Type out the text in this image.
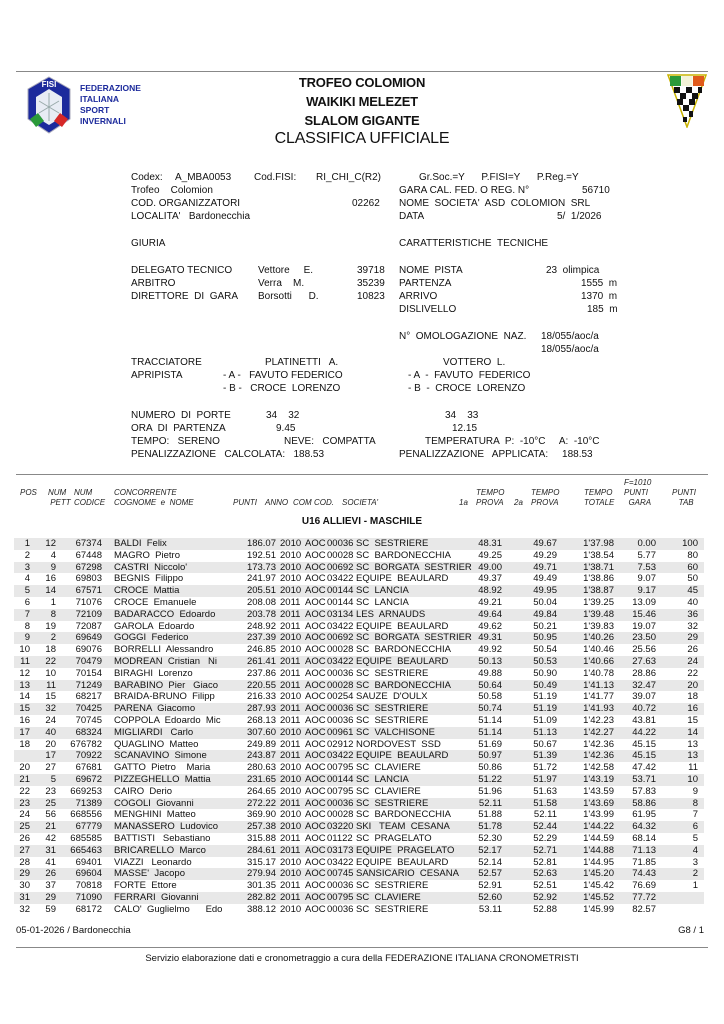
FISI	FEDERAZIONE
ITALIANA
SPORT
INVERNALI
TROFEO COLOMION
WAIKIKI MELEZET
SLALOM GIGANTE
CLASSIFICA UFFICIALE
Codex: A_MBA0053 Cod.FISI: RI_CHI_C(R2)	Gr.Soc.=Y      P.FISI=Y      P.Reg.=Y
Trofeo    Colomion	GARA CAL. FED. O REG. N°	56710
COD. ORGANIZZATORI	02262 NOME  SOCIETA'  ASD  COLOMION  SRL
LOCALITA'   Bardonecchia	DATA	5/  1/2026
GIURIA	CARATTERISTICHE  TECNICHE
DELEGATO TECNICO	Vettore     E.	39718
ARBITRO	Verra    M.	35239
DIRETTORE  DI  GARA Borsotti      D.	10823
NOME  PISTA	23  olimpica
PARTENZA	1555  m
ARRIVO	1370  m
DISLIVELLO	185  m
N°  OMOLOGAZIONE  NAZ. 18/055/aoc/a
18/055/aoc/a
TRACCIATORE	PLATINETTI   A.	VOTTERO  L.
APRIPISTA	- A -   FAVUTO FEDERICO	- A  -  FAVUTO  FEDERICO
- B -   CROCE  LORENZO	- B  -  CROCE  LORENZO
NUMERO  DI  PORTE	34    32	34    33
ORA  DI  PARTENZA	9.45	12.15
TEMPO:   SERENO	NEVE:   COMPATTA	TEMPERATURA  P:  -10°C     A:  -10°C
PENALIZZAZIONE   CALCOLATA:   188.53	PENALIZZAZIONE   APPLICATA:     188.53
POS NUM
PETT
NUM
CODICE
CONCORRENTE
COGNOME  e  NOME	PUNTI ANNO COM COD. SOCIETA'	1a
TEMPO
PROVA 2a
TEMPO
PROVA
TEMPO
TOTALE
F=1010
PUNTI
GARA
PUNTI
TAB
U16 ALLIEVI - MASCHILE
1 12 67374 BALDI  Felix	186.07 2010 AOC 00036 SC  SESTRIERE	48.31	49.67	1'37.98 0.00	100
2 4 67448 MAGRO  Pietro	192.51 2010 AOC 00028 SC  BARDONECCHIA	49.25	49.29	1'38.54 5.77	80
3 9 67298 CASTRI  Niccolo'	173.73 2010 AOC 00692 SC  BORGATA  SESTRIER 49.00	49.71	1'38.71 7.53	60
4 16 69803 BEGNIS  Filippo	241.97 2010 AOC 03422 EQUIPE  BEAULARD	49.37	49.49	1'38.86 9.07	50
5 14 67571 CROCE  Mattia	205.51 2010 AOC 00144 SC  LANCIA	48.92	49.95	1'38.87 9.17	45
6 1 71076 CROCE  Emanuele	208.08 2011 AOC 00144 SC  LANCIA	49.21	50.04	1'39.25 13.09	40
7 8 72109 BADARACCO  Edoardo	203.78 2011 AOC 03134 LES  ARNAUDS	49.64	49.84	1'39.48 15.46	36
8 19 72087 GAROLA  Edoardo	248.92 2011 AOC 03422 EQUIPE  BEAULARD	49.62	50.21	1'39.83 19.07	32
9 2 69649 GOGGI  Federico	237.39 2010 AOC 00692 SC  BORGATA  SESTRIER 49.31	50.95	1'40.26 23.50	29
10 18 69076 BORRELLI  Alessandro	246.85 2010 AOC 00028 SC  BARDONECCHIA	49.92	50.54	1'40.46 25.56	26
11 22 70479 MODREAN  Cristian   Ni	261.41 2011 AOC 03422 EQUIPE  BEAULARD	50.13	50.53	1'40.66 27.63	24
12 10 70154 BIRAGHI  Lorenzo	237.86 2011 AOC 00036 SC  SESTRIERE	49.88	50.90	1'40.78 28.86	22
13 11 71249 BARABINO  Pier   Giaco	220.55 2011 AOC 00028 SC  BARDONECCHIA	50.64	50.49	1'41.13 32.47	20
14 15 68217 BRAIDA-BRUNO  Filipp	216.33 2010 AOC 00254 SAUZE  D'OULX	50.58	51.19	1'41.77 39.07	18
15 32 70425 PARENA  Giacomo	287.93 2011 AOC 00036 SC  SESTRIERE	50.74	51.19	1'41.93 40.72	16
16 24 70745 COPPOLA  Edoardo  Mic	268.13 2011 AOC 00036 SC  SESTRIERE	51.14	51.09	1'42.23 43.81	15
17 40 68324 MIGLIARDI   Carlo	307.60 2010 AOC 00961 SC  VALCHISONE	51.14	51.13	1'42.27 44.22	14
18 20 676782 QUAGLINO  Matteo	249.89 2011 AOC 02912 NORDOVEST  SSD	51.69	50.67	1'42.36 45.15	13
17 70922 SCANAVINO  Simone	243.87 2011 AOC 03422 EQUIPE  BEAULARD	50.97	51.39	1'42.36 45.15	13
20 27 67681 GATTO  Pietro    Maria	280.63 2010 AOC 00795 SC  CLAVIERE	50.86	51.72	1'42.58 47.42	11
21 5 69672 PIZZEGHELLO  Mattia	231.65 2010 AOC 00144 SC  LANCIA	51.22	51.97	1'43.19 53.71	10
22 23 669253 CAIRO  Derio	264.65 2010 AOC 00795 SC  CLAVIERE	51.96	51.63	1'43.59 57.83	9
23 25 71389 COGOLI  Giovanni	272.22 2011 AOC 00036 SC  SESTRIERE	52.11	51.58	1'43.69 58.86	8
24 56 668556 MENGHINI  Matteo	369.90 2010 AOC 00028 SC  BARDONECCHIA	51.88	52.11	1'43.99 61.95	7
25 21 67779 MANASSERO  Ludovico	257.38 2010 AOC 03220 SKI   TEAM  CESANA	51.78	52.44	1'44.22 64.32	6
26 42 685585 BATTISTI   Sebastiano	315.88 2011 AOC 01122 SC  PRAGELATO	52.30	52.29	1'44.59 68.14	5
27 31 665463 BRICARELLO  Marco	284.61 2011 AOC 03173 EQUIPE  PRAGELATO	52.17	52.71	1'44.88 71.13	4
28 41 69401 VIAZZI   Leonardo	315.17 2010 AOC 03422 EQUIPE  BEAULARD	52.14	52.81	1'44.95 71.85	3
29 26 69604 MASSE'  Jacopo	279.94 2010 AOC 00745 SANSICARIO  CESANA 52.57	52.63	1'45.20 74.43	2
30 37 70818 FORTE  Ettore	301.35 2011 AOC 00036 SC  SESTRIERE	52.91	52.51	1'45.42 76.69	1
31 29 71090 FERRARI  Giovanni	282.82 2011 AOC 00795 SC  CLAVIERE	52.60	52.92	1'45.52 77.72
32 59 68172 CALO'  Guglielmo      Edo	388.12 2010 AOC 00036 SC  SESTRIERE	53.11	52.88	1'45.99 82.57
05-01-2026 / Bardonecchia	G8 / 1
Servizio elaborazione dati e cronometraggio a cura della FEDERAZIONE ITALIANA CRONOMETRISTI
